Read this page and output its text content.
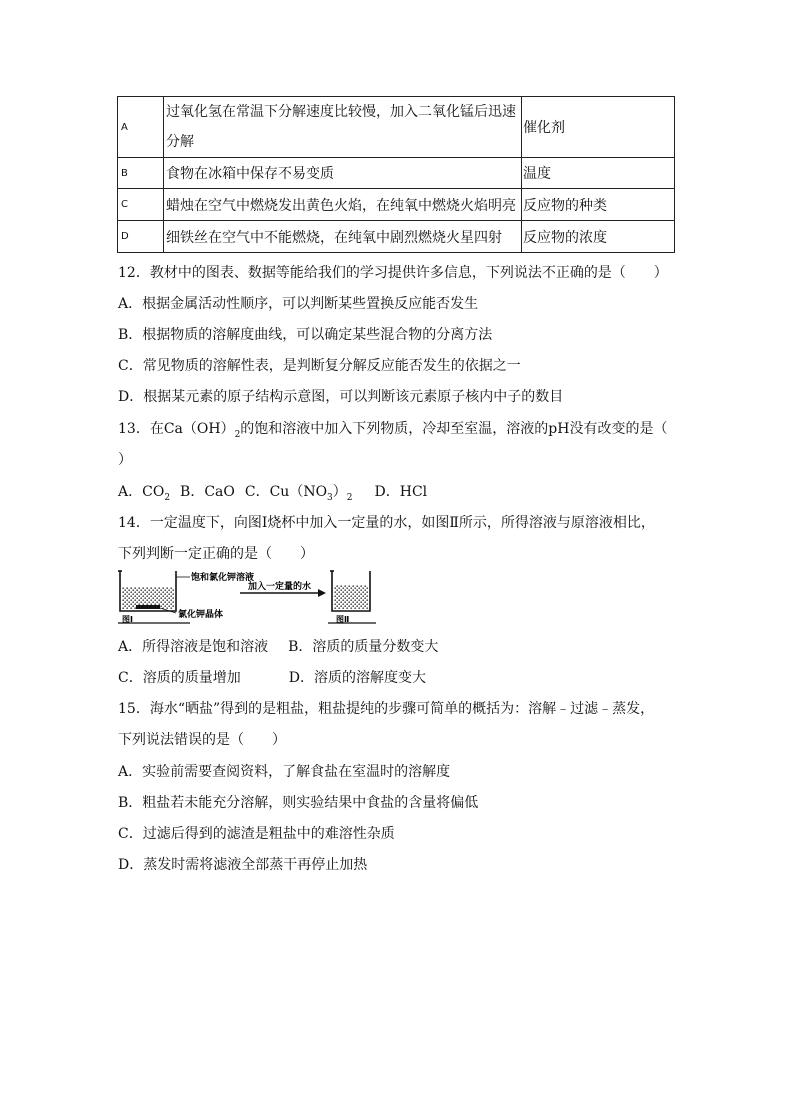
A	过氧化氢在常温下分解速度比较慢，加入二氧化锰后迅速分解	催化剂
B	食物在冰箱中保存不易变质	温度
C	蜡烛在空气中燃烧发出黄色火焰，在纯氧中燃烧火焰明亮	反应物的种类
D	细铁丝在空气中不能燃烧，在纯氧中剧烈燃烧火星四射	反应物的浓度
12．教材中的图表、数据等能给我们的学习提供许多信息，下列说法不正确的是（　　）
A．根据金属活动性顺序，可以判断某些置换反应能否发生
B．根据物质的溶解度曲线，可以确定某些混合物的分离方法
C．常见物质的溶解性表，是判断复分解反应能否发生的依据之一
D．根据某元素的原子结构示意图，可以判断该元素原子核内中子的数目
13．在$Ca(OH)_2$的饱和溶液中加入下列物质，冷却至室温，溶液的pH没有改变的是（
）
A．$CO_2$ B．CaO C．$Cu(NO_3)_2$ D．HCl
14．一定温度下，向图Ⅰ烧杯中加入一定量的水，如图Ⅱ所示，所得溶液与原溶液相比，
下列判断一定正确的是（　　）
饱和氯化钾溶液
氯化钾晶体
图Ⅰ
加入一定量的水
图Ⅱ
A．所得溶液是饱和溶液 B．溶质的质量分数变大
C．溶质的质量增加	D．溶质的溶解度变大
15．海水“晒盐”得到的是粗盐，粗盐提纯的步骤可简单的概括为：溶解﹣过滤﹣蒸发，
下列说法错误的是（　　）
A．实验前需要查阅资料，了解食盐在室温时的溶解度
B．粗盐若未能充分溶解，则实验结果中食盐的含量将偏低
C．过滤后得到的滤渣是粗盐中的难溶性杂质
D．蒸发时需将滤液全部蒸干再停止加热
